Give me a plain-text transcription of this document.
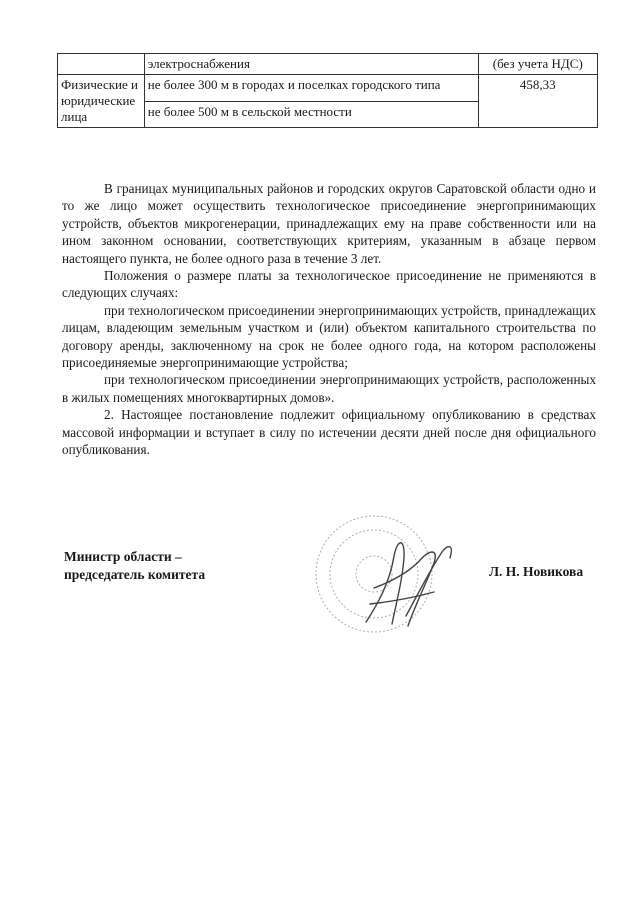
	электроснабжения	(без учета НДС)
Физические и юридические лица	не более 300 м в городах и поселках городского типа	458,33
	не более 500 м в сельской местности	

В границах муниципальных районов и городских округов Саратовской области одно и то же лицо может осуществить технологическое присоединение энергопринимающих устройств, объектов микрогенерации, принадлежащих ему на праве собственности или на ином законном основании, соответствующих критериям, указанным в абзаце первом настоящего пункта, не более одного раза в течение 3 лет.

Положения о размере платы за технологическое присоединение не применяются в следующих случаях:

при технологическом присоединении энергопринимающих устройств, принадлежащих лицам, владеющим земельным участком и (или) объектом капитального строительства по договору аренды, заключенному на срок не более одного года, на котором расположены присоединяемые энергопринимающие устройства;

при технологическом присоединении энергопринимающих устройств, расположенных в жилых помещениях многоквартирных домов».

2. Настоящее постановление подлежит официальному опубликованию в средствах массовой информации и вступает в силу по истечении десяти дней после дня официального опубликования.

Министр области –
председатель комитета	Л. Н. Новикова
